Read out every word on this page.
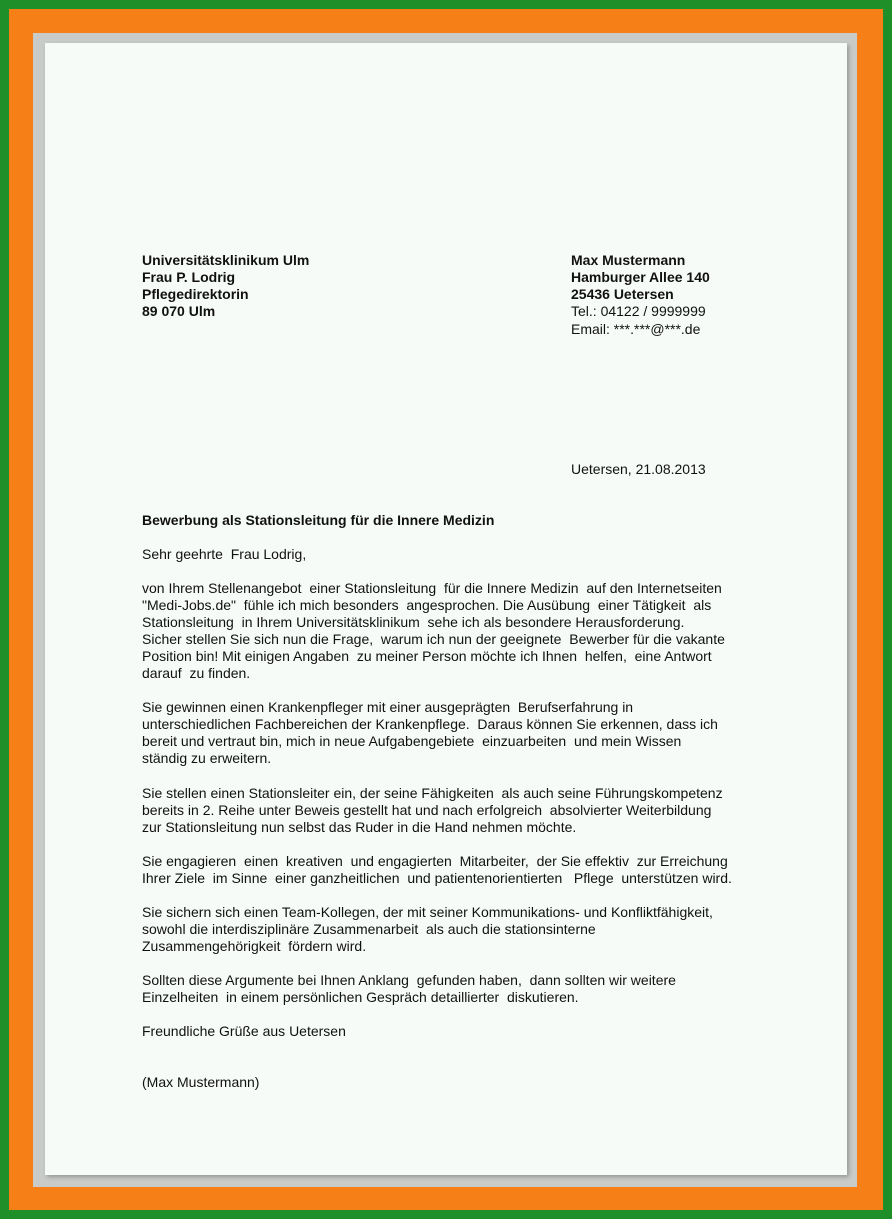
Universitätsklinikum Ulm
Frau P. Lodrig
Pflegedirektorin
89 070 Ulm
Max Mustermann
Hamburger Allee 140
25436 Uetersen
Tel.: 04122 / 9999999
Email: ***.***@***.de
Uetersen, 21.08.2013
Bewerbung als Stationsleitung für die Innere Medizin
Sehr geehrte  Frau Lodrig,
von Ihrem Stellenangebot  einer Stationsleitung  für die Innere Medizin  auf den Internetseiten
"Medi-Jobs.de"  fühle ich mich besonders  angesprochen. Die Ausübung  einer Tätigkeit  als
Stationsleitung  in Ihrem Universitätsklinikum  sehe ich als besondere Herausforderung.
Sicher stellen Sie sich nun die Frage,  warum ich nun der geeignete  Bewerber für die vakante
Position bin! Mit einigen Angaben  zu meiner Person möchte ich Ihnen  helfen,  eine Antwort
darauf  zu finden.
Sie gewinnen einen Krankenpfleger mit einer ausgeprägten  Berufserfahrung in
unterschiedlichen Fachbereichen der Krankenpflege.  Daraus können Sie erkennen, dass ich
bereit und vertraut bin, mich in neue Aufgabengebiete  einzuarbeiten  und mein Wissen
ständig zu erweitern.
Sie stellen einen Stationsleiter ein, der seine Fähigkeiten  als auch seine Führungskompetenz
bereits in 2. Reihe unter Beweis gestellt hat und nach erfolgreich  absolvierter Weiterbildung
zur Stationsleitung nun selbst das Ruder in die Hand nehmen möchte.
Sie engagieren  einen  kreativen  und engagierten  Mitarbeiter,  der Sie effektiv  zur Erreichung
Ihrer Ziele  im Sinne  einer ganzheitlichen  und patientenorientierten   Pflege  unterstützen wird.
Sie sichern sich einen Team-Kollegen, der mit seiner Kommunikations- und Konfliktfähigkeit,
sowohl die interdisziplinäre Zusammenarbeit  als auch die stationsinterne
Zusammengehörigkeit  fördern wird.
Sollten diese Argumente bei Ihnen Anklang  gefunden haben,  dann sollten wir weitere
Einzelheiten  in einem persönlichen Gespräch detaillierter  diskutieren.
Freundliche Grüße aus Uetersen
(Max Mustermann)
